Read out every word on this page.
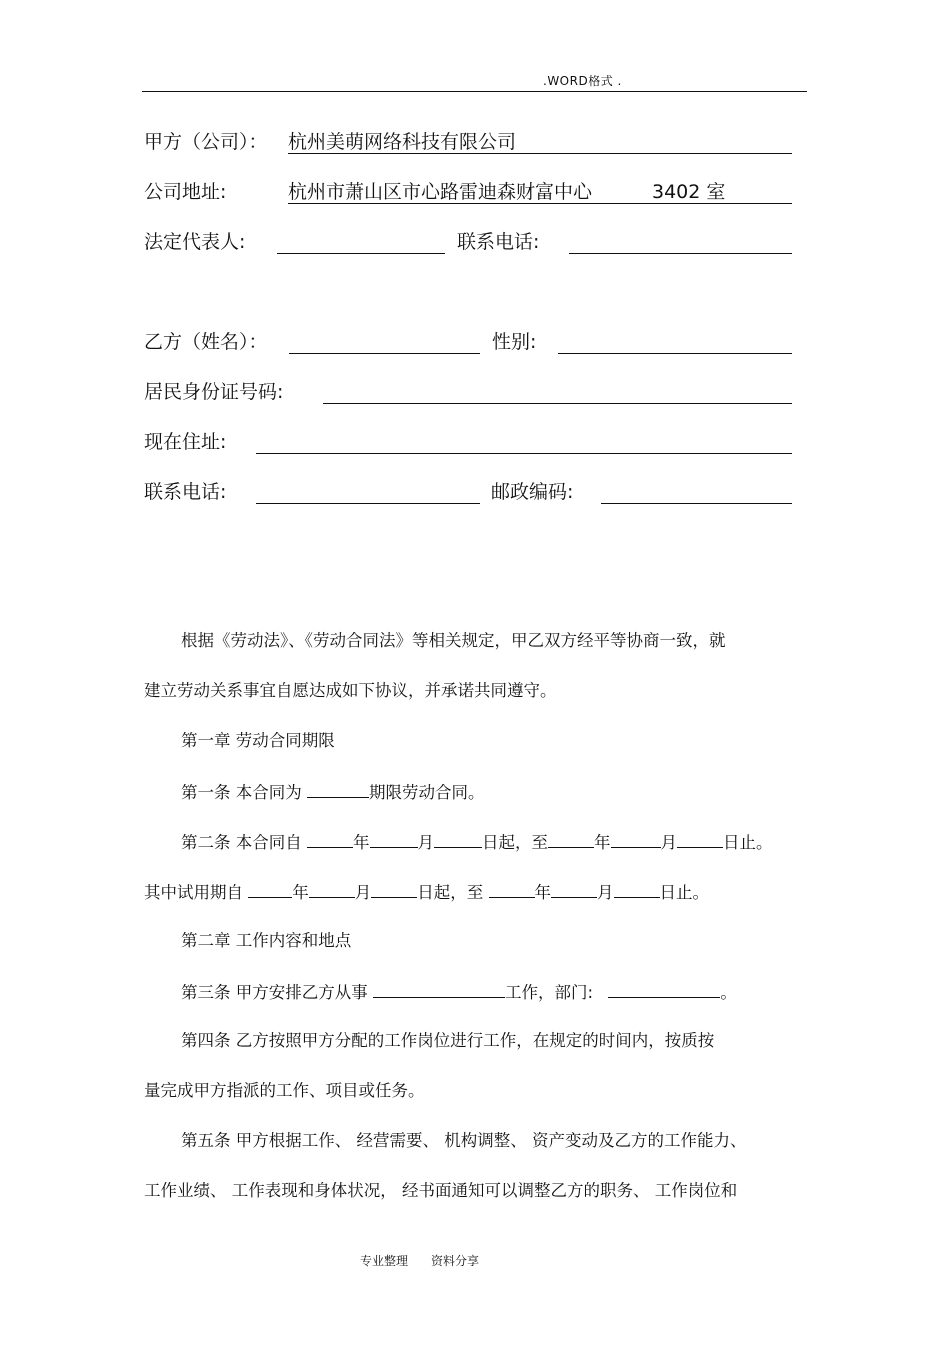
.WORD格式 .
甲方（公司）： 杭州美萌网络科技有限公司
公司地址:	杭州市萧山区市心路雷迪森财富中心	3402 室
法定代表人:	联系电话:
乙方（姓名）：	性别:
居民身份证号码:
现在住址:
联系电话:	邮政编码:
根据《劳动法》、《劳动合同法》等相关规定，甲乙双方经平等协商一致，就
建立劳动关系事宜自愿达成如下协议，并承诺共同遵守。
第一章 劳动合同期限
第一条 本合同为	期限劳动合同。
第二条 本合同自	年	月	日起，至	年	月	日止。
其中试用期自	年	月	日起，至	年	月	日止。
第二章 工作内容和地点
第三条 甲方安排乙方从事	工作，部门:	。
第四条 乙方按照甲方分配的工作岗位进行工作，在规定的时间内，按质按
量完成甲方指派的工作、项目或任务。
第五条 甲方根据工作、 经营需要、 机构调整、 资产变动及乙方的工作能力、
工作业绩、 工作表现和身体状况， 经书面通知可以调整乙方的职务、 工作岗位和
专业整理 资料分享
